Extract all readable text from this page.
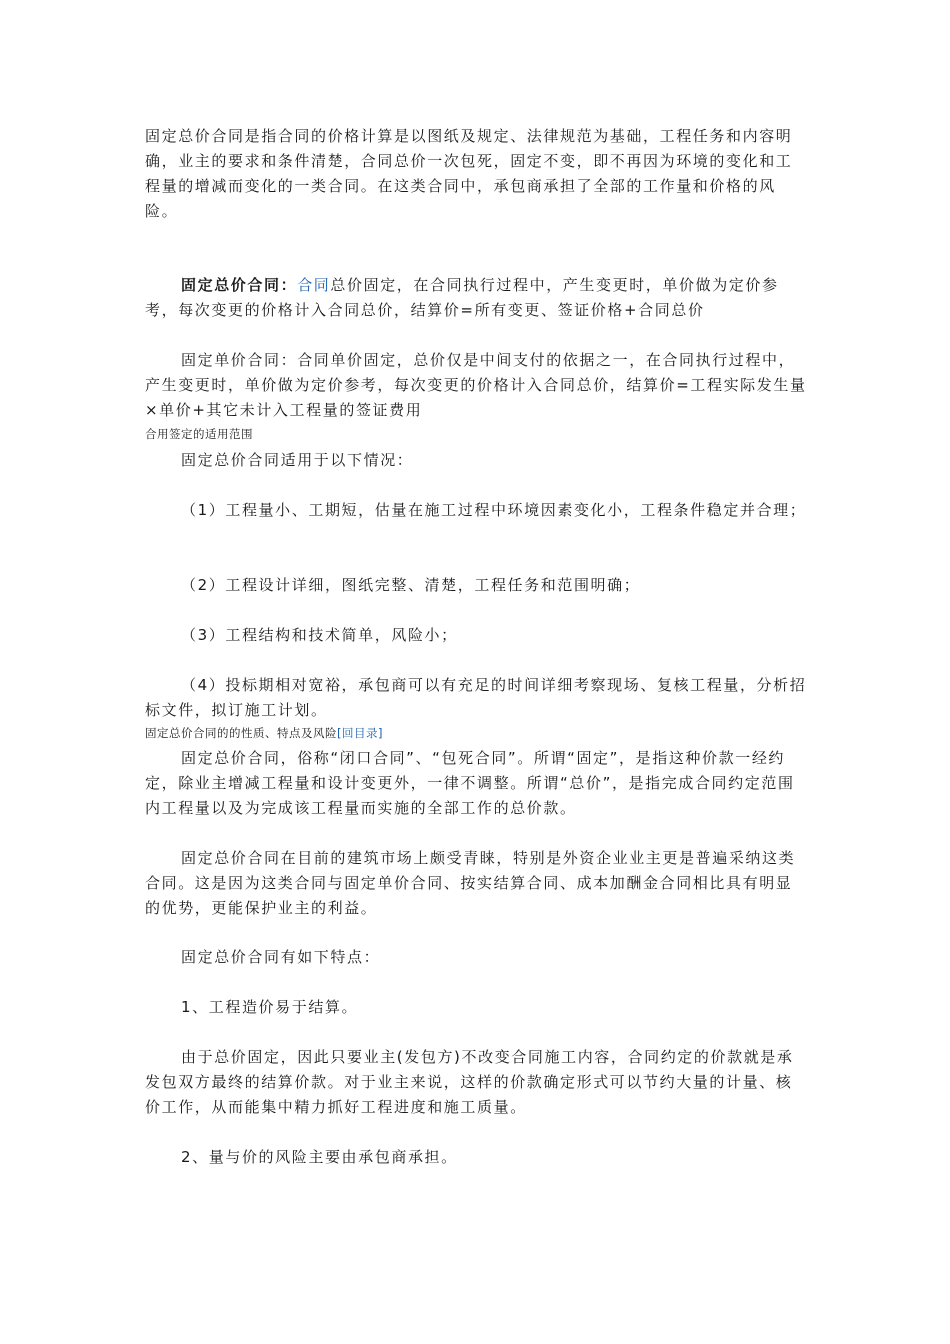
固定总价合同是指合同的价格计算是以图纸及规定、法律规范为基础，工程任务和内容明确，业主的要求和条件清楚，合同总价一次包死，固定不变，即不再因为环境的变化和工程量的增减而变化的一类合同。在这类合同中，承包商承担了全部的工作量和价格的风险。

固定总价合同：合同总价固定，在合同执行过程中，产生变更时，单价做为定价参考，每次变更的价格计入合同总价，结算价=所有变更、签证价格+合同总价

固定单价合同：合同单价固定，总价仅是中间支付的依据之一，在合同执行过程中，产生变更时，单价做为定价参考，每次变更的价格计入合同总价，结算价=工程实际发生量×单价+其它未计入工程量的签证费用

合用签定的适用范围

固定总价合同适用于以下情况：

（1）工程量小、工期短，估量在施工过程中环境因素变化小，工程条件稳定并合理；

（2）工程设计详细，图纸完整、清楚，工程任务和范围明确；

（3）工程结构和技术简单，风险小；

（4）投标期相对宽裕，承包商可以有充足的时间详细考察现场、复核工程量，分析招标文件，拟订施工计划。

固定总价合同的的性质、特点及风险[回目录]

固定总价合同，俗称“闭口合同”、“包死合同”。所谓“固定”，是指这种价款一经约定，除业主增减工程量和设计变更外，一律不调整。所谓“总价”，是指完成合同约定范围内工程量以及为完成该工程量而实施的全部工作的总价款。

固定总价合同在目前的建筑市场上颇受青睐，特别是外资企业业主更是普遍采纳这类合同。这是因为这类合同与固定单价合同、按实结算合同、成本加酬金合同相比具有明显的优势，更能保护业主的利益。

固定总价合同有如下特点：

1、工程造价易于结算。

由于总价固定，因此只要业主(发包方)不改变合同施工内容，合同约定的价款就是承发包双方最终的结算价款。对于业主来说，这样的价款确定形式可以节约大量的计量、核价工作，从而能集中精力抓好工程进度和施工质量。

2、量与价的风险主要由承包商承担。
